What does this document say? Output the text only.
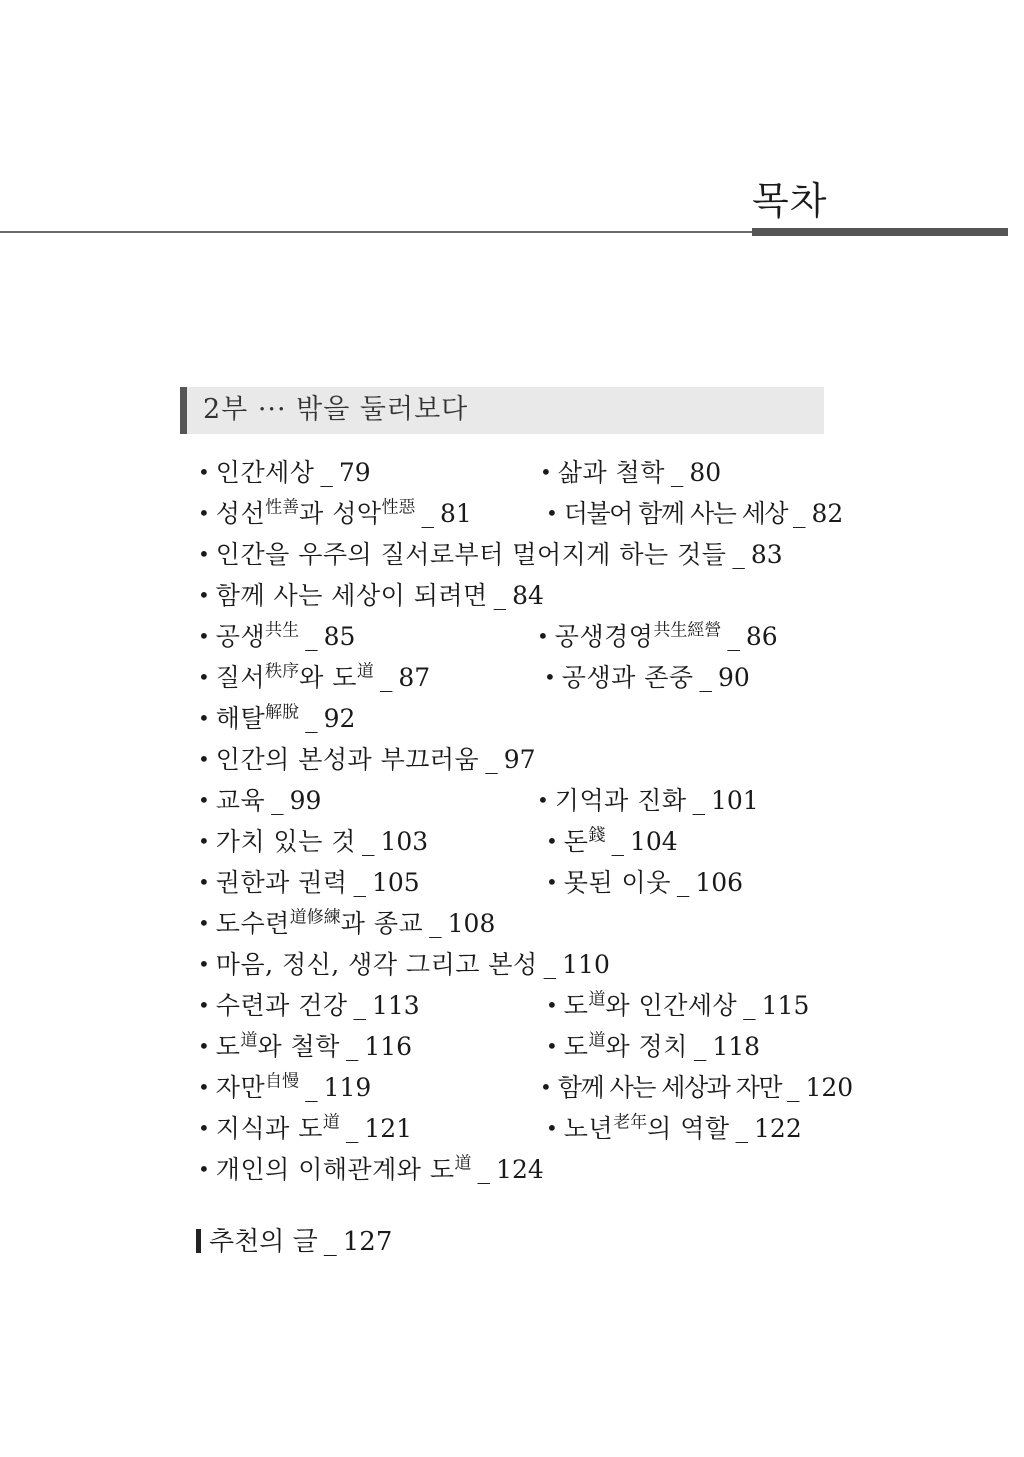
목차
2부 ··· 밖을 둘러보다
• 인간세상 _ 79	• 삶과 철학 _ 80
• 성선$^{性善}$과 성악$^{性惡}$ _ 81	• 더불어 함께 사는 세상 _ 82
• 인간을 우주의 질서로부터 멀어지게 하는 것들 _ 83
• 함께 사는 세상이 되려면 _ 84
• 공생$^{共生}$ _ 85	• 공생경영$^{共生經營}$ _ 86
• 질서$^{秩序}$와 도$^道$ _ 87	• 공생과 존중 _ 90
• 해탈$^{解脫}$ _ 92
• 인간의 본성과 부끄러움 _ 97
• 교육 _ 99	• 기억과 진화 _ 101
• 가치 있는 것 _ 103	• 돈$^錢$ _ 104
• 권한과 권력 _ 105	• 못된 이웃 _ 106
• 도수련$^{道修練}$과 종교 _ 108
• 마음, 정신, 생각 그리고 본성 _ 110
• 수련과 건강 _ 113	• 도$^道$와 인간세상 _ 115
• 도$^道$와 철학 _ 116	• 도$^道$와 정치 _ 118
• 자만$^{自慢}$ _ 119	• 함께 사는 세상과 자만 _ 120
• 지식과 도$^道$ _ 121	• 노년$^{老年}$의 역할 _ 122
• 개인의 이해관계와 도$^道$ _ 124
추천의 글 _ 127
